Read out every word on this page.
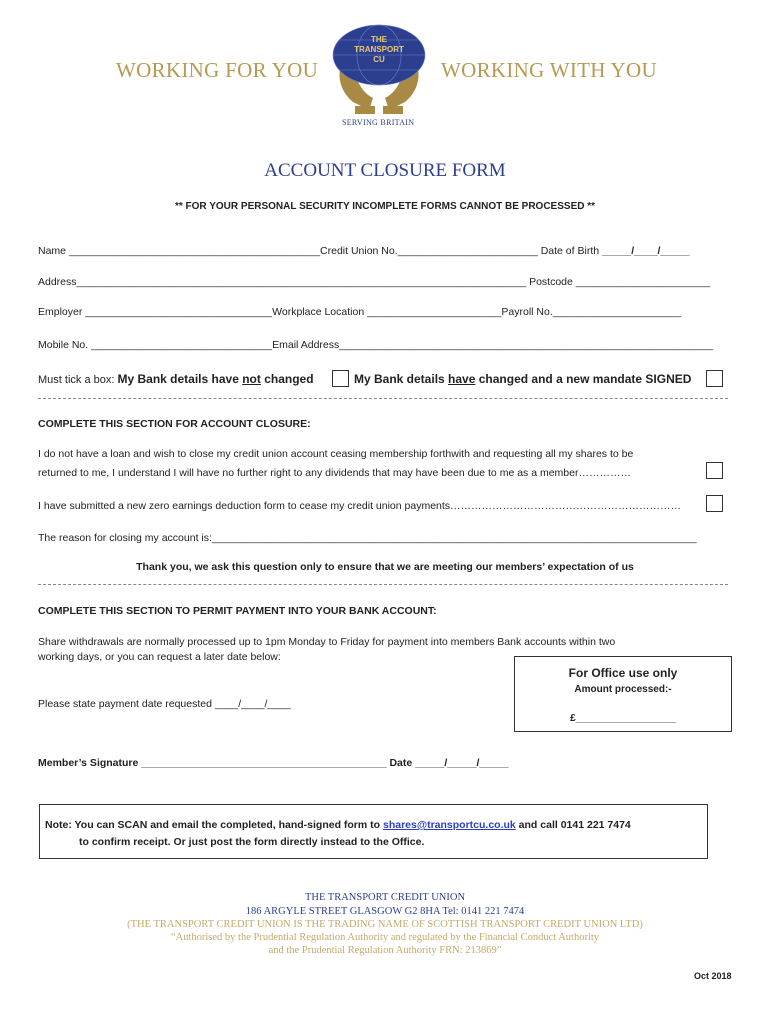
WORKING FOR YOU	WORKING WITH YOU
THE
TRANSPORT
CU
SERVING BRITAIN
ACCOUNT CLOSURE FORM
** FOR YOUR PERSONAL SECURITY INCOMPLETE FORMS CANNOT BE PROCESSED **
Name ___________________________________________Credit Union No.________________________ Date of Birth _____/____/_____
Address_____________________________________________________________________________ Postcode _______________________
Employer ________________________________Workplace Location _______________________Payroll No.______________________
Mobile No. _______________________________Email Address________________________________________________________________
Must tick a box: My Bank details have not changed	My Bank details have changed and a new mandate SIGNED
COMPLETE THIS SECTION FOR ACCOUNT CLOSURE:
I do not have a loan and wish to close my credit union account ceasing membership forthwith and requesting all my shares to be
returned to me, I understand I will have no further right to any dividends that may have been due to me as a member……………
I have submitted a new zero earnings deduction form to cease my credit union payments…………………………………………………………
The reason for closing my account is:___________________________________________________________________________________
Thank you, we ask this question only to ensure that we are meeting our members’ expectation of us
COMPLETE THIS SECTION TO PERMIT PAYMENT INTO YOUR BANK ACCOUNT:
Share withdrawals are normally processed up to 1pm Monday to Friday for payment into members Bank accounts within two
working days, or you can request a later date below:
Please state payment date requested ____/____/____
For Office use only
Amount processed:-
£__________________
Member’s Signature __________________________________________ Date _____/_____/_____
Note: You can SCAN and email the completed, hand-signed form to shares@transportcu.co.uk and call 0141 221 7474
to confirm receipt. Or just post the form directly instead to the Office.
THE TRANSPORT CREDIT UNION
186 ARGYLE STREET GLASGOW G2 8HA Tel: 0141 221 7474
(THE TRANSPORT CREDIT UNION IS THE TRADING NAME OF SCOTTISH TRANSPORT CREDIT UNION LTD)
“Authorised by the Prudential Regulation Authority and regulated by the Financial Conduct Authority
and the Prudential Regulation Authority FRN: 213869”
Oct 2018
